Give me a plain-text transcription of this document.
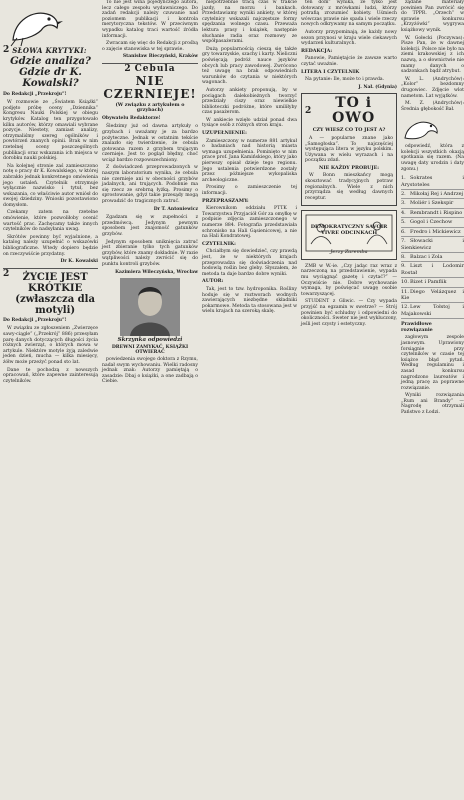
2 SŁOWA KRYTYKI:
Gdzie analiza? Gdzie dr K. Kowalski?
Do Redakcji „Przekroju”!

W rozmowie ze „Światem Książki” podjęto próbę oceny „Dziennika” Kongresu Nauki Polskiej w obiegu krytyków. Katalog ten przygotowało kilku autorów, którzy omawiali wybrane pozycje. Niestety, zamiast analizy, otrzymaliśmy szereg ogólników i powtórzeń znanych opinii. Brak w nim rzetelnej oceny poszczególnych publikacji oraz wskazania ich miejsca w dorobku nauki polskiej.

Na kolejnej stronie zaś zamieszczono notę o pracy dr K. Kowalskiego, w której zabrakło jednak konkretnego omówienia jego ustaleń. Czytelnik otrzymuje wyłącznie nazwisko i tytuł, bez wskazania, co właściwie autor wniósł do swojej dziedziny. Wnioski pozostawiono domysłom.

Czekamy zatem na rzetelne omówienie, które pozwoliłoby ocenić wartość prac. Zachęcamy także innych czytelników do nadsyłania uwag.

Skrótów powinny być wyjaśnione, a katalog należy uzupełnić o wskazówki bibliograficzne. Wtedy dopiero będzie on rzeczywiście przydatny.

Dr K. Kowalski
2	ŻYCIE JEST KRÓTKIE (zwłaszcza dla motyli)
Do Redakcji „Przekroju”!

W związku ze zgłoszeniem „Zwierzęce sawy-ciągle” („Przekrój” 886) przesyłam parę danych dotyczących długości życia różnych zwierząt, o których mowa w artykule. Niektóre motyle żyją zaledwie jeden dzień, mucha — kilka miesięcy, żółw może przeżyć ponad sto lat.

Dane te pochodzą z nowszych opracowań, które zapewne zainteresują czytelników.

To nie jest wina pojedynczego autora, lecz całego zespołu wydawniczego. Do zadań redakcji należy czuwanie nad poziomem publikacji i kontrola merytoryczna tekstów. W przeciwnym wypadku katalog traci wartość źródła informacji.

Zwracam się więc do Redakcji z prośbą o zajęcie stanowiska w tej sprawie.

Stanisław Bieczyński, Kraków
2 Cebula
NIE CZERNIEJE!
(W związku z artykułem o grzybach)
Obywatelu Redaktorze!

Śledzimy już od dawna artykuły o grzybach i uważamy je za bardzo pożyteczne. Jednak w ostatnim tekście znalazło się twierdzenie, że cebula gotowana razem z grzybem trującym czernieje. Jest to pogląd błędny, choć wciąż bardzo rozpowszechniony.

Z doświadczeń przeprowadzonych w naszym laboratorium wynika, że cebula nie czernieje ani w obecności grzybów jadalnych, ani trujących. Podobnie ma się rzecz ze srebrną łyżką. Prosimy o sprostowanie, gdyż takie przesądy mogą prowadzić do tragicznych zatruć.

Dr T. Antoniewicz

Zgadzam się w zupełności z przedmówcą. Jedynym pewnym sposobem jest znajomość gatunków grzybów.

Jedynym sposobem uniknięcia zatruć jest zbieranie tylko tych gatunków grzybów, które znamy dokładnie. W razie wątpliwości należy zwrócić się do punktu kontroli grzybów.

Kazimiera Wileczyńska, Wrocław
Skrzynka odpowiedzi
DREWNI ZAMYKAĆ, KSIĄŻKI OTWIERAĆ

powiedzenia swojego doktora z Rzymu, nadał swym wychowaniu. Wielki radosny jednak znak: Autorzy pamiętają o zasadzie: Dbaj o książki, a one zadbają o Ciebie.

niepotrzebnie tracą czas w trakcie jazdy, na morzu i bankach. Przedstawiamy wyniki ankiety, w której czytelnicy wskazali najczęstsze formy spędzania wolnego czasu. Przeważa lektura prasy i książek, następnie słuchanie radia oraz rozmowy ze współpasażerami.

Dużą popularnością cieszą się także gry towarzyskie, szachy i karty. Nieliczni poświęcają podróż nauce języków obcych lub pracy zawodowej. Zwrócono też uwagę na brak odpowiednich warunków do czytania w niektórych wagonach.

Autorzy ankiety proponują, by w pociągach dalekobieżnych tworzyć przedziały ciszy oraz niewielkie biblioteczki podróżne, które umiliłyby czas pasażerom.

W ankiecie wzięło udział ponad dwa tysiące osób z różnych stron kraju.

UZUPEŁNIENIE:

Zamieszczony w numerze 881 artykuł o badaniach nad historią miasta wymaga uzupełnienia. Pominięto w nim prace prof. Jana Kamińskiego, który jako pierwszy opisał dzieje tego regionu. Jego ustalenia potwierdzone zostały przez późniejsze wykopaliska archeologiczne.

Prosimy o zamieszczenie tej informacji.

PRZEPRASZAMY:

Kierownikom oddziału PTTK i Towarzystwa Przyjaciół Gór za omyłkę w podpisie zdjęcia zamieszczonego w numerze 884. Fotografia przedstawiała schronisko na Hali Gąsienicowej, a nie na Hali Kondratowej.

CZYTELNIK:

Chciałbym się dowiedzieć, czy prawdą jest, że w niektórych krajach przeprowadza się doświadczenia nad hodowlą roślin bez gleby. Słyszałem, że metoda ta daje bardzo dobre wyniki.

AUTOR:

Tak, jest to tzw. hydroponika. Rośliny hoduje się w roztworach wodnych zawierających niezbędne składniki pokarmowe. Metoda ta stosowana jest w wielu krajach na szeroką skalę.

ten dom” wynika, że tylko jest dotowany z mrówkami ludzi, którzy potrafią zrozumieć kobiety. Uśmiech wówczas prawie nie spada i wiele rzeczy nowych odkrywamy na samym początku.

Autorzy przypominają, że każdy nowy sezon przynosi w kraju wiele ciekawych wydarzeń kulturalnych.

REDAKCJA:

Panowie, Pamiętajcie że zawsze warto czytać uważnie.

LITERA I CZYTELNIK

Na pytanie: Ile, może to i prawda.

J. Nał. (Gdynia)
2	TO i OWO
CZY WIESZ CO TO JEST A?

A — popularne znane jako „Samogłoska”. To najczęściej występująca litera w języku polskim. Używana w wielu wyrazach i na początku zdań.

NIE KAŻDY PROBUJE:

W Bonn mieszkańcy mogą skosztować tradycyjnych potraw regionalnych. Wiele z nich przyrządza się według dawnych receptur.

DEMOKRATYCZNY SAVOIR VIVRE ODCINKACH
Jerzy Zaremba

ZMB w W.-ie. „Czy jadąc raz wraz z narzeczoną na przedstawienie, wypada mu wyciągnąć gazetę i czytać?” — Oczywiście nie. Dobre wychowanie wymaga, by poświęcać uwagę osobie towarzyszącej.

STUDENT z Gliwic. — Czy wypada przyjść na egzamin w swetrze? — Strój powinien być schludny i odpowiedni do okoliczności. Sweter nie jest wykluczony, jeśli jest czysty i estetyczny.

żądane materiały powinien Pan zwrócić się do TPPR. „Orzech” w sprawie konkursu „Krzyżówki” wygrywa książkowy wynik.

W. Gołecki (Poczywas): Pisze Pan, że w dawnej kolekcji. Polsce nie było na ziemi krakowskiej z ich nazwą, a o słownictwie nie mamy danych o sadzonkach bądź atrybut.

W. L. (Andrychów): „Kolor” bezdomny drugowiec. Zdjęcie wlot nametom. Lat wyjątków.

M. Z. (Andrychów): Średnia głębokość Bał.

odpowiedź, która z kolekcji wszystkich okazją spotkania się razem. (Na uwagę daty urodzin i daty zgonu.)

1. Sokrates i Arystoteles
2. Mikołaj Rej i Andrzej
3. Moliér i Szekspir
4. Rembrandt i Rispino
5. Gogol i Czechow
6. Fredro i Mickiewicz
7. Słowacki i Sienkiewicz
8. Balzac i Zola
9. Liszt i Lodomir Rostał
10.Bizet i Pamflik
11.Diego Velázquez i Kie
12.Lew Tołstoj i Majakowski
Prawidłowe rozwiązanie

zagłowym zespole jasnowym. Uprawiony forsiągnie przy czytelników w czasie tej książce błąd pytań. Według regulaminu i zasad konkursu nagrodzono laureatów i jedną pracę za poprawne rozwiązanie.

Wyniki rozwiązania „Rum ani Brandy” — Nagrodę otrzymali Państwo z Łodzi.
